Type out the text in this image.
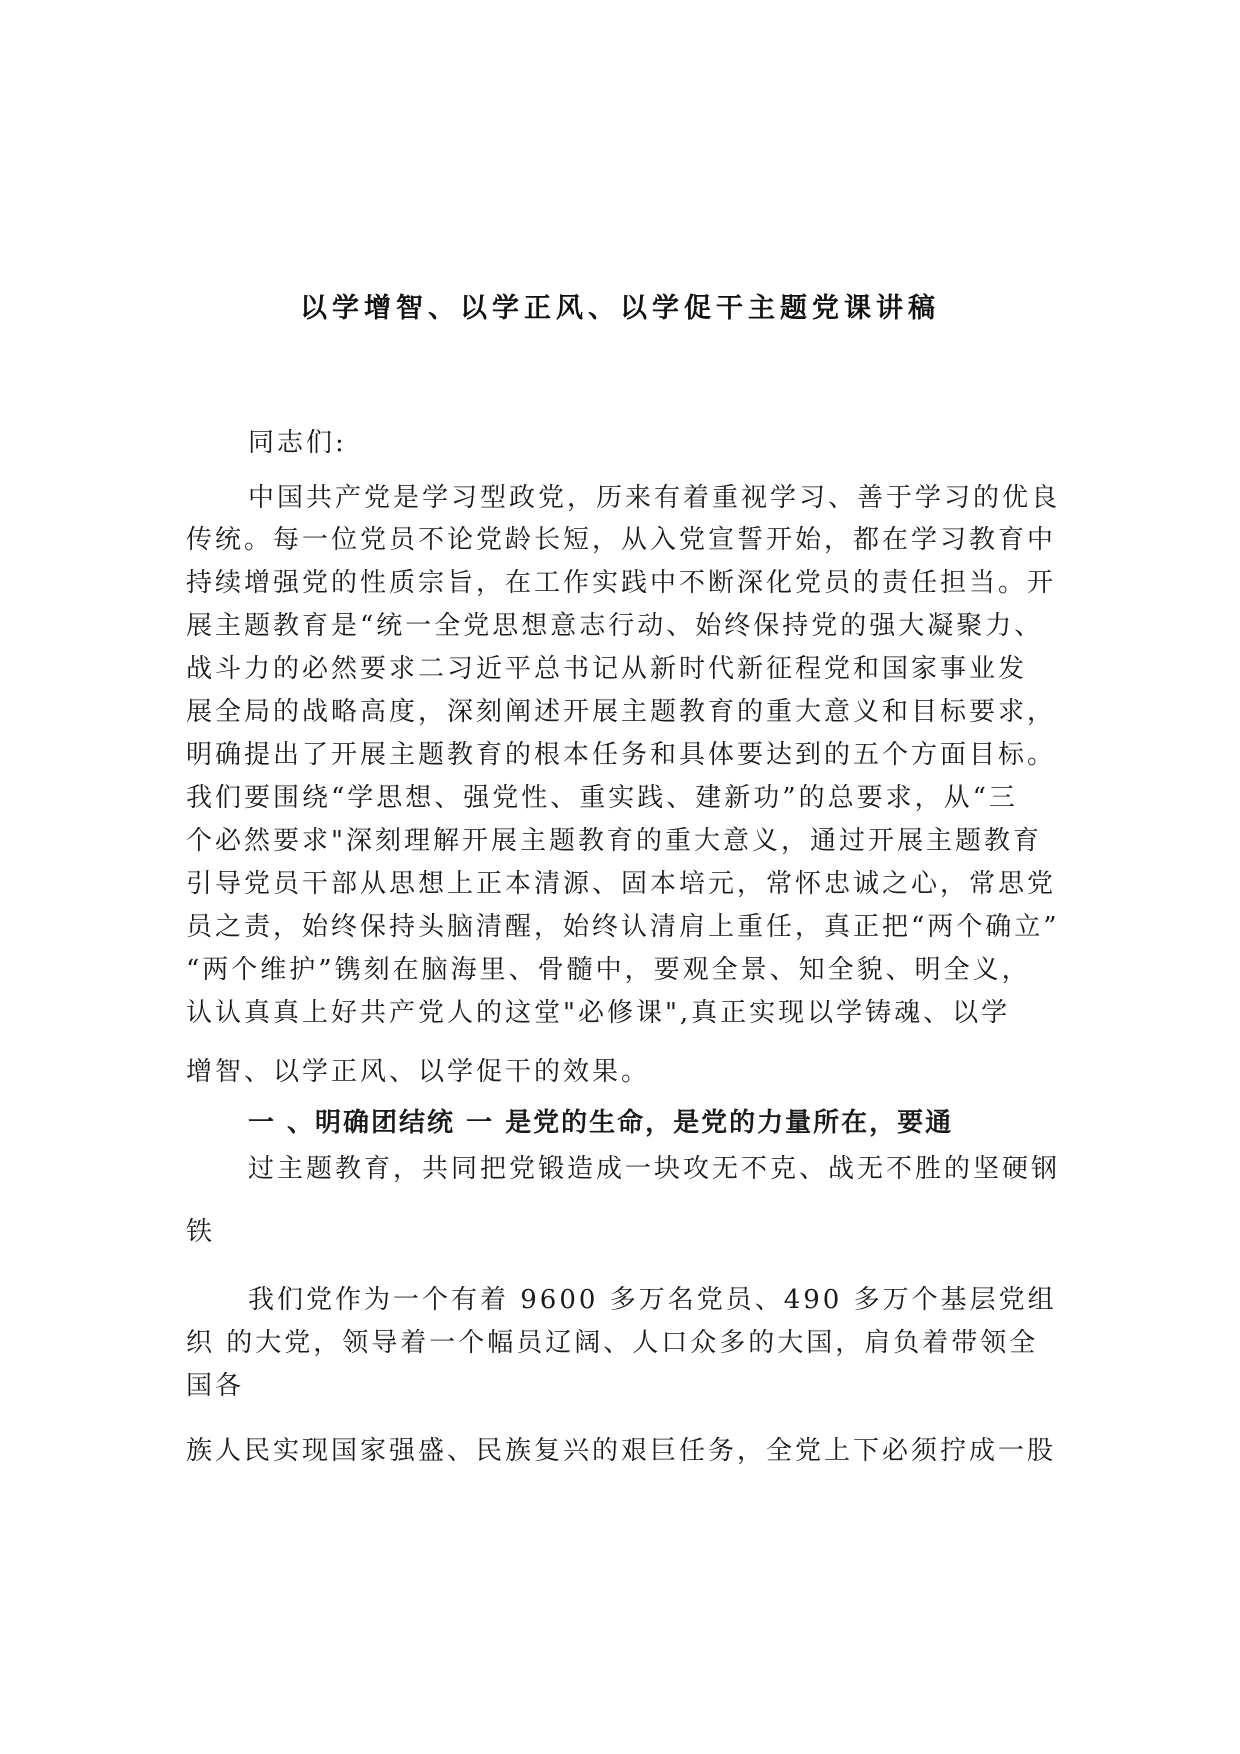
以学增智、以学正风、以学促干主题党课讲稿
同志们:
中国共产党是学习型政党，历来有着重视学习、善于学习的优良
传统。每一位党员不论党龄长短，从入党宣誓开始，都在学习教育中
持续增强党的性质宗旨，在工作实践中不断深化党员的责任担当。开
展主题教育是“统一全党思想意志行动、始终保持党的强大凝聚力、
战斗力的必然要求二习近平总书记从新时代新征程党和国家事业发
展全局的战略高度，深刻阐述开展主题教育的重大意义和目标要求，
明确提出了开展主题教育的根本任务和具体要达到的五个方面目标。
我们要围绕“学思想、强党性、重实践、建新功”的总要求，从“三
个必然要求"深刻理解开展主题教育的重大意义，通过开展主题教育
引导党员干部从思想上正本清源、固本培元，常怀忠诚之心，常思党
员之责，始终保持头脑清醒，始终认清肩上重任，真正把“两个确立”
“两个维护”镌刻在脑海里、骨髓中，要观全景、知全貌、明全义，
认认真真上好共产党人的这堂"必修课",真正实现以学铸魂、以学
增智、以学正风、以学促干的效果。
一 、明确团结统 一 是党的生命，是党的力量所在，要通
过主题教育，共同把党锻造成一块攻无不克、战无不胜的坚硬钢
铁
我们党作为一个有着 9600 多万名党员、490 多万个基层党组
织 的大党，领导着一个幅员辽阔、人口众多的大国，肩负着带领全
国各
族人民实现国家强盛、民族复兴的艰巨任务，全党上下必须拧成一股
